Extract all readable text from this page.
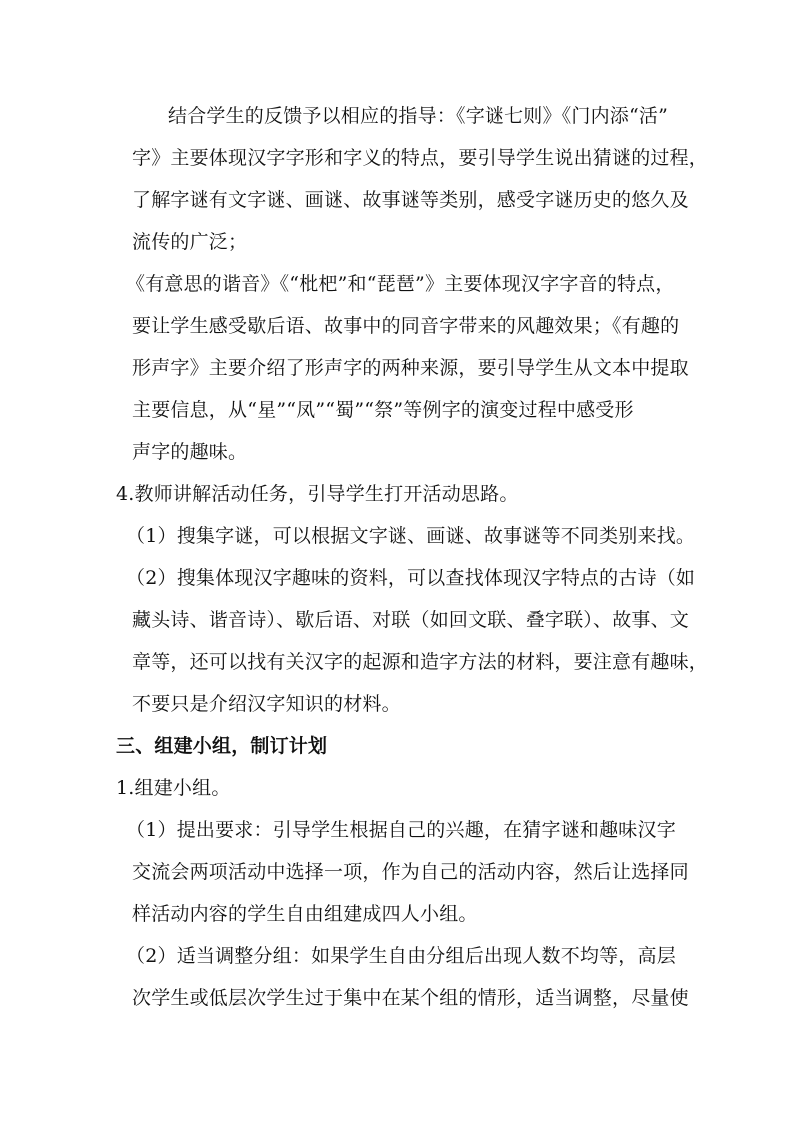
结合学生的反馈予以相应的指导：《字谜七则》《门内添“活”
字》主要体现汉字字形和字义的特点，要引导学生说出猜谜的过程，
了解字谜有文字谜、画谜、故事谜等类别，感受字谜历史的悠久及
流传的广泛；
《有意思的谐音》《“枇杷”和“琵琶”》主要体现汉字字音的特点，
要让学生感受歇后语、故事中的同音字带来的风趣效果；《有趣的
形声字》主要介绍了形声字的两种来源，要引导学生从文本中提取
主要信息，从“星”“凤”“蜀”“祭”等例字的演变过程中感受形
声字的趣味。
4.教师讲解活动任务，引导学生打开活动思路。
（1）搜集字谜，可以根据文字谜、画谜、故事谜等不同类别来找。
（2）搜集体现汉字趣味的资料，可以查找体现汉字特点的古诗（如
藏头诗、谐音诗）、歇后语、对联（如回文联、叠字联）、故事、文
章等，还可以找有关汉字的起源和造字方法的材料，要注意有趣味，
不要只是介绍汉字知识的材料。
三、组建小组，制订计划
1.组建小组。
（1）提出要求：引导学生根据自己的兴趣，在猜字谜和趣味汉字
交流会两项活动中选择一项，作为自己的活动内容，然后让选择同
样活动内容的学生自由组建成四人小组。
（2）适当调整分组：如果学生自由分组后出现人数不均等，高层
次学生或低层次学生过于集中在某个组的情形，适当调整，尽量使
